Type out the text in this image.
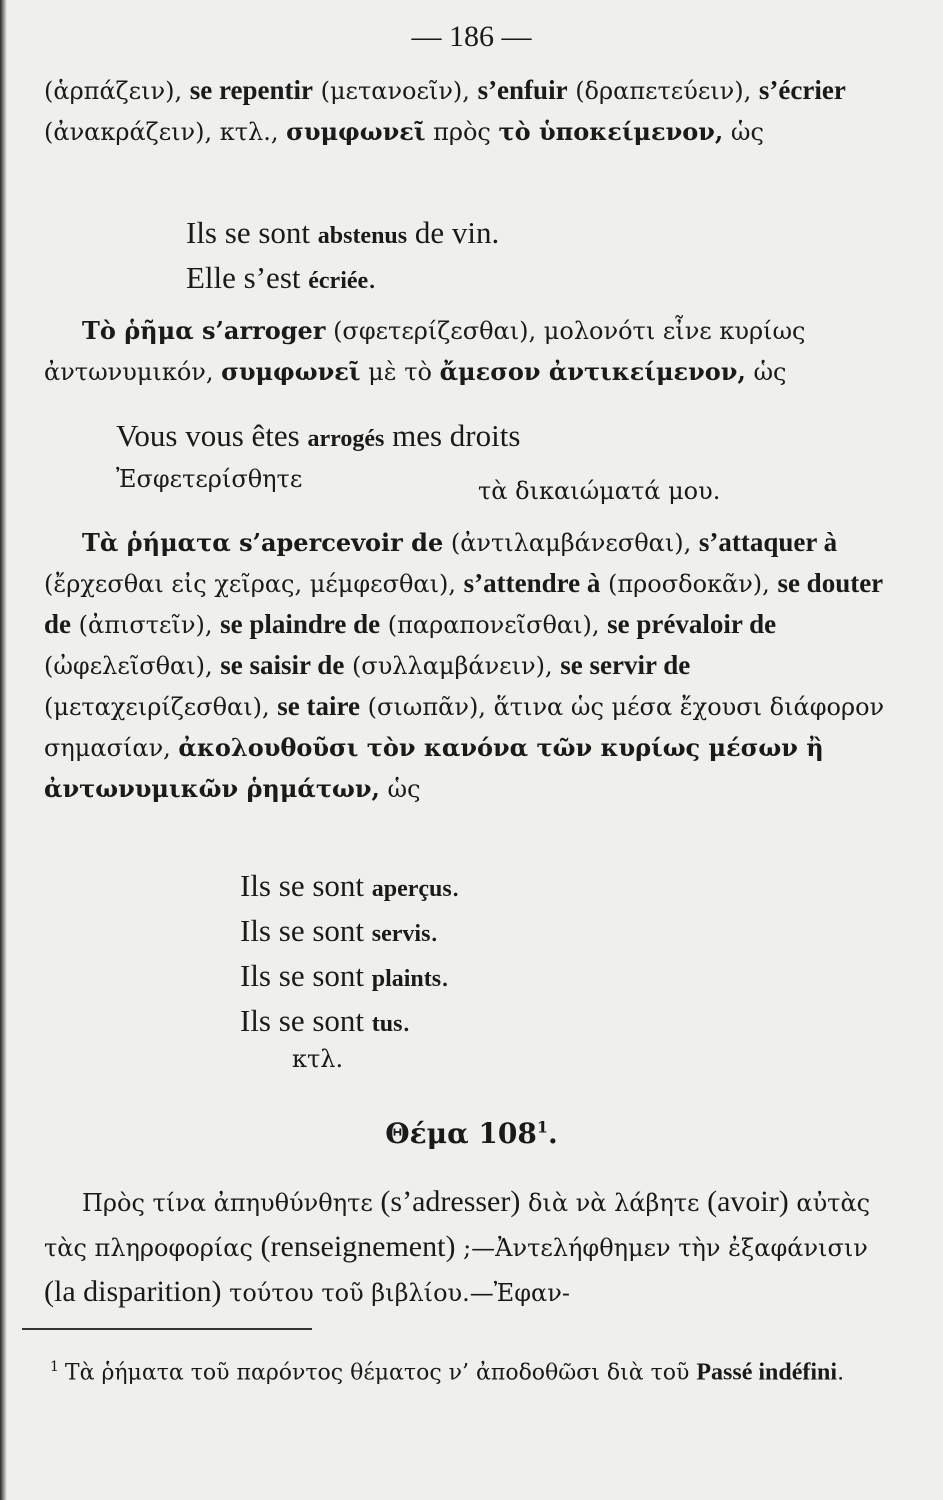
— 186 —
(ἁρπάζειν), se repentir (μετανοεῖν), s’enfuir (δραπετεύειν), s’écrier (ἀνακράζειν), κτλ., συμφωνεῖ πρὸς τὸ ὑποκείμενον, ὡς
Ils se sont abstenus de vin.
Elle s’est écriée.
Τὸ ῥῆμα s’arroger (σφετερίζεσθαι), μολονότι εἶνε κυρίως ἀντωνυμικόν, συμφωνεῖ μὲ τὸ ἄμεσον ἀντικείμενον, ὡς
Vous vous êtes arrogés mes droits
Ἐσφετερίσθητε	τὰ δικαιώματά μου.
Τὰ ῥήματα s’apercevoir de (ἀντιλαμβάνεσθαι), s’attaquer à (ἔρχεσθαι εἰς χεῖρας, μέμφεσθαι), s’attendre à (προσδοκᾶν), se douter de (ἀπιστεῖν), se plaindre de (παραπονεῖσθαι), se prévaloir de (ὠφελεῖσθαι), se saisir de (συλλαμβάνειν), se servir de (μεταχειρίζεσθαι), se taire (σιωπᾶν), ἅτινα ὡς μέσα ἔχουσι διάφορον σημασίαν, ἀκολουθοῦσι τὸν κανόνα τῶν κυρίως μέσων ἢ ἀντωνυμικῶν ῥημάτων, ὡς
Ils se sont aperçus.
Ils se sont servis.
Ils se sont plaints.
Ils se sont tus.
κτλ.
Θέμα $108^1$.
Πρὸς τίνα ἀπηυθύνθητε (s’adresser) διὰ νὰ λάβητε (avoir) αὐτὰς τὰς πληροφορίας (renseignement) ;—Ἀντελήφθημεν τὴν ἐξαφάνισιν (la disparition) τούτου τοῦ βιβλίου.—Ἐφαν-
$^1$ Τὰ ῥήματα τοῦ παρόντος θέματος ν’ ἀποδοθῶσι διὰ τοῦ Passé indéfini.
